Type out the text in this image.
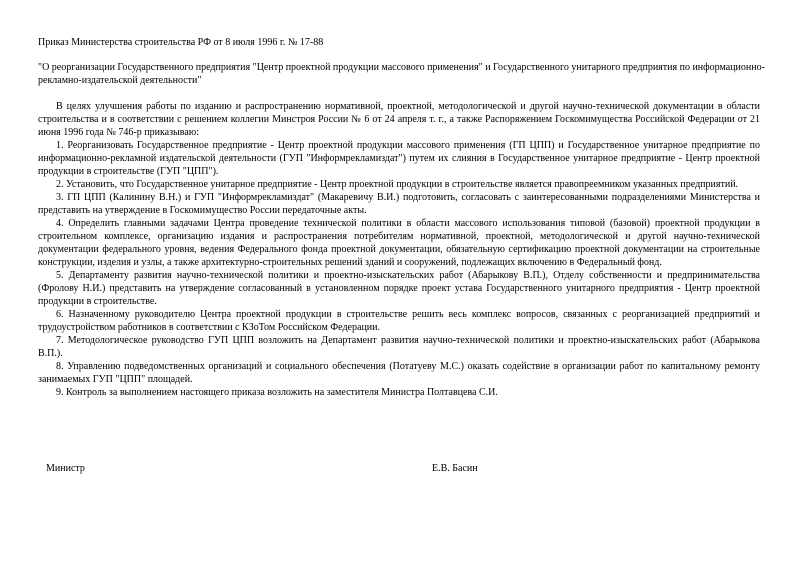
Приказ Министерства строительства РФ от 8 июля 1996 г. № 17-88

"О реорганизации Государственного предприятия "Центр проектной продукции массового применения" и Государственного унитарного предприятия по информационно-рекламно-издательской деятельности"

В целях улучшения работы по изданию и распространению нормативной, проектной, методологической и другой научно-технической документации в области строительства и в соответствии с решением коллегии Минстроя России № 6 от 24 апреля т. г., а также Распоряжением Госкомимущества Российской Федерации от 21 июня 1996 года № 746-р приказываю:

1. Реорганизовать Государственное предприятие - Центр проектной продукции массового применения (ГП ЦПП) и Государственное унитарное предприятие по информационно-рекламной издательской деятельности (ГУП "Информрекламиздат") путем их слияния в Государственное унитарное предприятие - Центр проектной продукции в строительстве (ГУП "ЦПП").

2. Установить, что Государственное унитарное предприятие - Центр проектной продукции в строительстве является правопреемником указанных предприятий.

3. ГП ЦПП (Калинину В.Н.) и ГУП "Информрекламиздат" (Макаревичу В.И.) подготовить, согласовать с заинтересованными подразделениями Министерства и представить на утверждение в Госкомимущество России передаточные акты.

4. Определить главными задачами Центра проведение технической политики в области массового использования типовой (базовой) проектной продукции в строительном комплексе, организацию издания и распространения потребителям нормативной, проектной, методологической и другой научно-технической документации федерального уровня, ведения Федерального фонда проектной документации, обязательную сертификацию проектной документации на строительные конструкции, изделия и узлы, а также архитектурно-строительных решений зданий и сооружений, подлежащих включению в Федеральный фонд.

5. Департаменту развития научно-технической политики и проектно-изыскательских работ (Абарыкову В.П.), Отделу собственности и предпринимательства (Фролову Н.И.) представить на утверждение согласованный в установленном порядке проект устава Государственного унитарного предприятия - Центр проектной продукции в строительстве.

6. Назначенному руководителю Центра проектной продукции в строительстве решить весь комплекс вопросов, связанных с реорганизацией предприятий и трудоустройством работников в соответствии с КЗоТом Российском Федерации.

7. Методологическое руководство ГУП ЦПП возложить на Департамент развития научно-технической политики и проектно-изыскательских работ (Абарыкова В.П.).

8. Управлению подведомственных организаций и социального обеспечения (Потатуеву М.С.) оказать содействие в организации работ по капитальному ремонту занимаемых ГУП "ЦПП" площадей.

9. Контроль за выполнением настоящего приказа возложить на заместителя Министра Полтавцева С.И.

Министр	Е.В. Басин
